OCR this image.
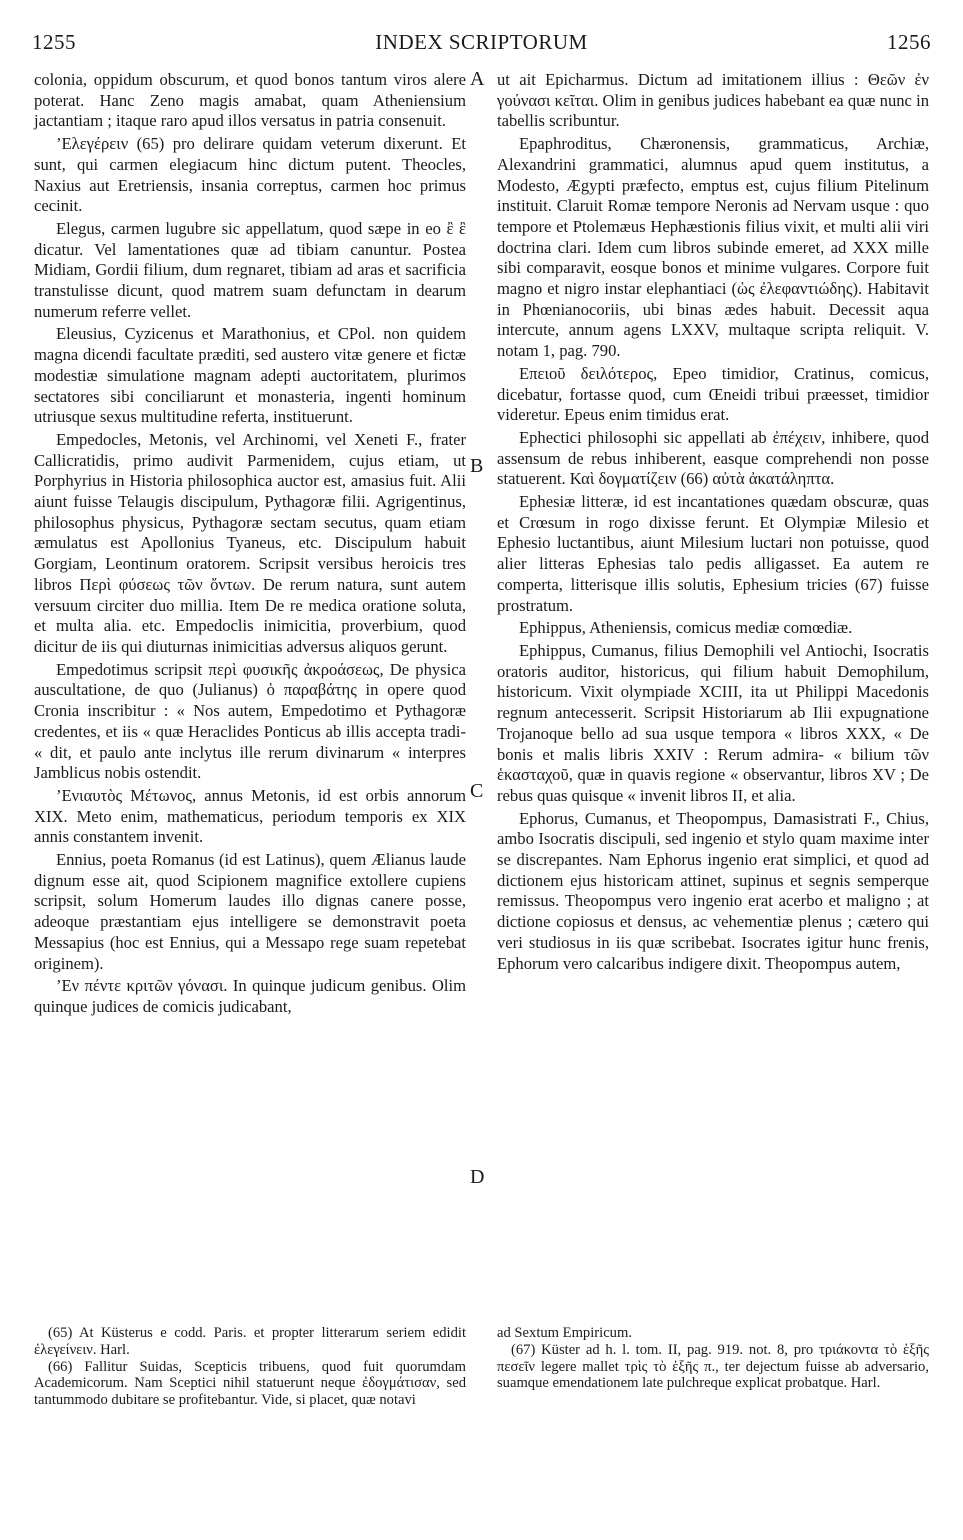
1255	INDEX SCRIPTORUM	1256
A
B
C
D

colonia, oppidum obscurum, et quod bonos tantum viros alere poterat. Hanc Zeno magis amabat, quam Atheniensium jactantiam ; itaque raro apud illos versatus in patria consenuit.

’Ελεγέρειν (65) pro delirare quidam veterum dixerunt. Et sunt, qui carmen elegiacum hinc dictum putent. Theocles, Naxius aut Eretriensis, insania correptus, carmen hoc primus cecinit.

Elegus, carmen lugubre sic appellatum, quod sæpe in eo ἒ ἒ dicatur. Vel lamentationes quæ ad tibiam canuntur. Postea Midiam, Gordii filium, dum regnaret, tibiam ad aras et sacrificia transtulisse dicunt, quod matrem suam defunctam in dearum numerum referre vellet.

Eleusius, Cyzicenus et Marathonius, et CPol. non quidem magna dicendi facultate præditi, sed austero vitæ genere et fictæ modestiæ simulatione magnam adepti auctoritatem, plurimos sectatores sibi conciliarunt et monasteria, ingenti hominum utriusque sexus multitudine referta, instituerunt.

Empedocles, Metonis, vel Archinomi, vel Xeneti F., frater Callicratidis, primo audivit Parmenidem, cujus etiam, ut Porphyrius in Historia philosophica auctor est, amasius fuit. Alii aiunt fuisse Telaugis discipulum, Pythagoræ filii. Agrigentinus, philosophus physicus, Pythagoræ sectam secutus, quam etiam æmulatus est Apollonius Tyaneus, etc. Discipulum habuit Gorgiam, Leontinum oratorem. Scripsit versibus heroicis tres libros Περὶ φύσεως τῶν ὄντων. De rerum natura, sunt autem versuum circiter duo millia. Item De re medica oratione soluta, et multa alia. etc. Empedoclis inimicitia, proverbium, quod dicitur de iis qui diuturnas inimicitias adversus aliquos gerunt.

Empedotimus scripsit περὶ φυσικῆς ἀκροάσεως, De physica auscultatione, de quo (Julianus) ὁ παραβάτης in opere quod Cronia inscribitur : « Nos autem, Empedotimo et Pythagoræ credentes, et iis « quæ Heraclides Ponticus ab illis accepta tradi- « dit, et paulo ante inclytus ille rerum divinarum « interpres Jamblicus nobis ostendit.

’Ενιαυτὸς Μέτωνος, annus Metonis, id est orbis annorum XIX. Meto enim, mathematicus, periodum temporis ex XIX annis constantem invenit.

Ennius, poeta Romanus (id est Latinus), quem Ælianus laude dignum esse ait, quod Scipionem magnifice extollere cupiens scripsit, solum Homerum laudes illo dignas canere posse, adeoque præstantiam ejus intelligere se demonstravit poeta Messapius (hoc est Ennius, qui a Messapo rege suam repetebat originem).

’Εν πέντε κριτῶν γόνασι. In quinque judicum genibus. Olim quinque judices de comicis judicabant,

ut ait Epicharmus. Dictum ad imitationem illius : Θεῶν ἐν γούνασι κεῖται. Olim in genibus judices habebant ea quæ nunc in tabellis scribuntur.

Epaphroditus, Chæronensis, grammaticus, Archiæ, Alexandrini grammatici, alumnus apud quem institutus, a Modesto, Ægypti præfecto, emptus est, cujus filium Pitelinum instituit. Claruit Romæ tempore Neronis ad Nervam usque : quo tempore et Ptolemæus Hephæstionis filius vixit, et multi alii viri doctrina clari. Idem cum libros subinde emeret, ad XXX mille sibi comparavit, eosque bonos et minime vulgares. Corpore fuit magno et nigro instar elephantiaci (ὡς ἐλεφαντιώδης). Habitavit in Phœnianocoriis, ubi binas ædes habuit. Decessit aqua intercute, annum agens LXXV, multaque scripta reliquit. V. notam 1, pag. 790.

Επειοῦ δειλότερος, Epeo timidior, Cratinus, comicus, dicebatur, fortasse quod, cum Œneidi tribui præesset, timidior videretur. Epeus enim timidus erat.

Ephectici philosophi sic appellati ab ἐπέχειν, inhibere, quod assensum de rebus inhiberent, easque comprehendi non posse statuerent. Καὶ δογματίζειν (66) αὐτὰ ἀκατάληπτα.

Ephesiæ litteræ, id est incantationes quædam obscuræ, quas et Crœsum in rogo dixisse ferunt. Et Olympiæ Milesio et Ephesio luctantibus, aiunt Milesium luctari non potuisse, quod alier litteras Ephesias talo pedis alligasset. Ea autem re comperta, litterisque illis solutis, Ephesium tricies (67) fuisse prostratum.

Ephippus, Atheniensis, comicus mediæ comœdiæ.

Ephippus, Cumanus, filius Demophili vel Antiochi, Isocratis oratoris auditor, historicus, qui filium habuit Demophilum, historicum. Vixit olympiade XCIII, ita ut Philippi Macedonis regnum antecesserit. Scripsit Historiarum ab Ilii expugnatione Trojanoque bello ad sua usque tempora « libros XXX, « De bonis et malis libris XXIV : Rerum admira- « bilium τῶν ἑκασταχοῦ, quæ in quavis regione « observantur, libros XV ; De rebus quas quisque « invenit libros II, et alia.

Ephorus, Cumanus, et Theopompus, Damasistrati F., Chius, ambo Isocratis discipuli, sed ingenio et stylo quam maxime inter se discrepantes. Nam Ephorus ingenio erat simplici, et quod ad dictionem ejus historicam attinet, supinus et segnis semperque remissus. Theopompus vero ingenio erat acerbo et maligno ; at dictione copiosus et densus, ac vehementiæ plenus ; cætero qui veri studiosus in iis quæ scribebat. Isocrates igitur hunc frenis, Ephorum vero calcaribus indigere dixit. Theopompus autem,

(65) At Küsterus e codd. Paris. et propter litterarum seriem edidit ἐλεγείνειν. Harl.

(66) Fallitur Suidas, Scepticis tribuens, quod fuit quorumdam Academicorum. Nam Sceptici nihil statuerunt neque ἐδογμάτισαν, sed tantummodo dubitare se profitebantur. Vide, si placet, quæ notavi

ad Sextum Empiricum.

(67) Küster ad h. l. tom. II, pag. 919. not. 8, pro τριάκοντα τὸ ἑξῆς πεσεῖν legere mallet τρὶς τὸ ἑξῆς π., ter dejectum fuisse ab adversario, suamque emendationem late pulchreque explicat probatque. Harl.
